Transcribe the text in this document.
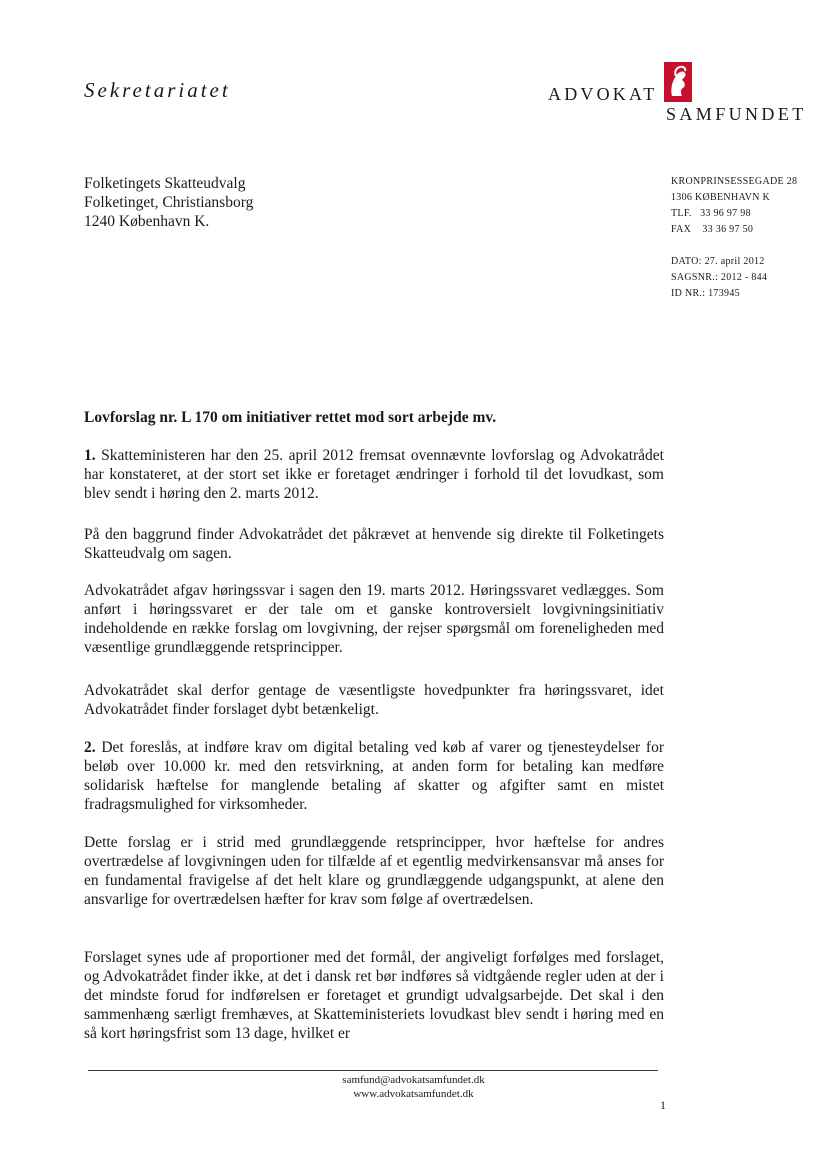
Sekretariatet	ADVOKAT
SAMFUNDET
Folketingets Skatteudvalg
Folketinget, Christiansborg
1240 København K.
KRONPRINSESSEGADE 28
1306 KØBENHAVN K
TLF.   33 96 97 98
FAX    33 36 97 50
DATO: 27. april 2012
SAGSNR.: 2012 - 844
ID NR.: 173945
Lovforslag nr. L 170 om initiativer rettet mod sort arbejde mv.

1. Skatteministeren har den 25. april 2012 fremsat ovennævnte lovforslag og Advokatrådet har konstateret, at der stort set ikke er foretaget ændringer i forhold til det lovudkast, som blev sendt i høring den 2. marts 2012.

På den baggrund finder Advokatrådet det påkrævet at henvende sig direkte til Folketingets Skatteudvalg om sagen.

Advokatrådet afgav høringssvar i sagen den 19. marts 2012. Høringssvaret vedlægges. Som anført i høringssvaret er der tale om et ganske kontroversielt lovgivningsinitiativ indeholdende en række forslag om lovgivning, der rejser spørgsmål om foreneligheden med væsentlige grundlæggende retsprincipper.

Advokatrådet skal derfor gentage de væsentligste hovedpunkter fra høringssvaret, idet Advokatrådet finder forslaget dybt betænkeligt.

2. Det foreslås, at indføre krav om digital betaling ved køb af varer og tjenesteydelser for beløb over 10.000 kr. med den retsvirkning, at anden form for betaling kan medføre solidarisk hæftelse for manglende betaling af skatter og afgifter samt en mistet fradragsmulighed for virksomheder.

Dette forslag er i strid med grundlæggende retsprincipper, hvor hæftelse for andres overtrædelse af lovgivningen uden for tilfælde af et egentlig medvirkensansvar må anses for en fundamental fravigelse af det helt klare og grundlæggende udgangspunkt, at alene den ansvarlige for overtrædelsen hæfter for krav som følge af overtrædelsen.

Forslaget synes ude af proportioner med det formål, der angiveligt forfølges med forslaget, og Advokatrådet finder ikke, at det i dansk ret bør indføres så vidtgående regler uden at der i det mindste forud for indførelsen er foretaget et grundigt udvalgsarbejde. Det skal i den sammenhæng særligt fremhæves, at Skatteministeriets lovudkast blev sendt i høring med en så kort høringsfrist som 13 dage, hvilket er

samfund@advokatsamfundet.dk
www.advokatsamfundet.dk
1
